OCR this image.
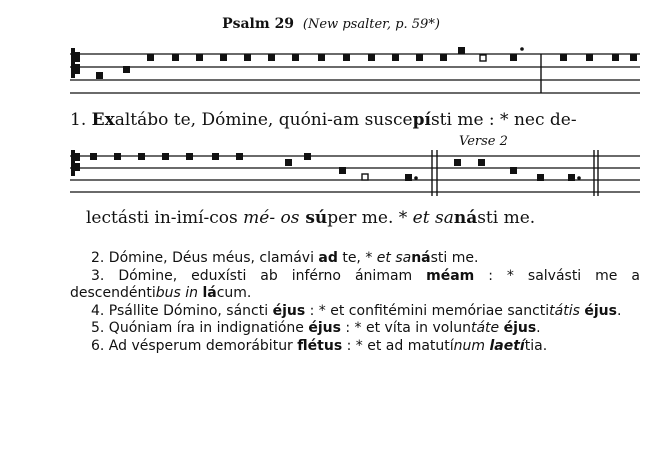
Psalm 29 (New psalter, p. 59*)
1. Exaltábo te, Dómine, quóni-am suscepísti me : * nec de-
Verse 2
lectásti in-imí-cos mé- os súper me. * et sanásti me.

2. Dómine, Déus méus, clamávi ad te, * et sanásti me.

3. Dómine, eduxísti ab inférno ánimam méam : * salvásti me a descendéntibus in lácum.

4. Psállite Dómino, sáncti éjus : * et confitémini memóriae sanctitátis éjus.

5. Quóniam íra in indignatióne éjus : * et víta in voluntáte éjus.

6. Ad vésperum demorábitur flétus : * et ad matutínum laetítia.
